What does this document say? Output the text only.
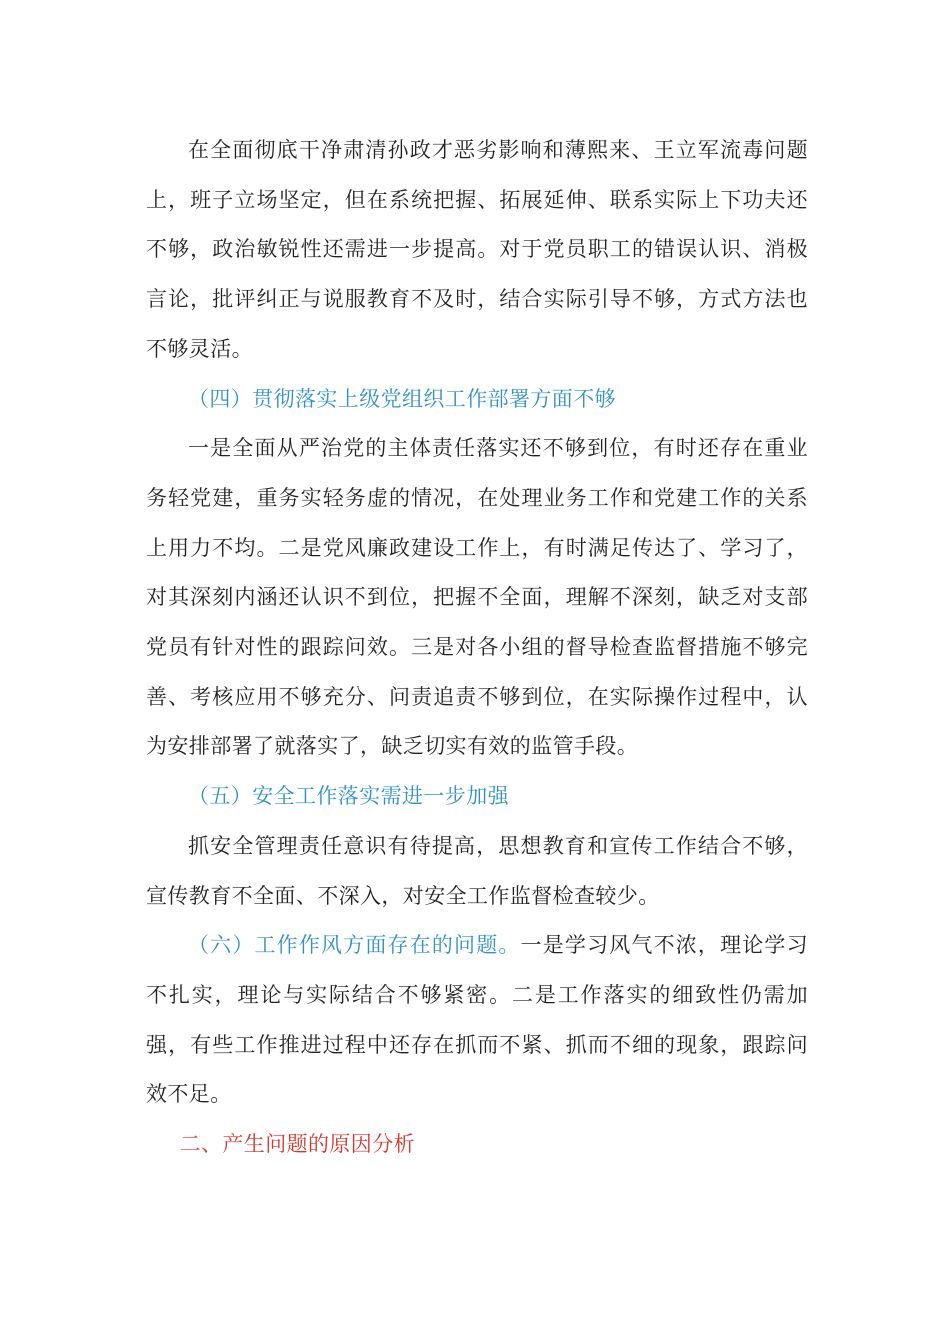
在全面彻底干净肃清孙政才恶劣影响和薄熙来、王立军流毒问题上，班子立场坚定，但在系统把握、拓展延伸、联系实际上下功夫还不够，政治敏锐性还需进一步提高。对于党员职工的错误认识、消极言论，批评纠正与说服教育不及时，结合实际引导不够，方式方法也不够灵活。

（四）贯彻落实上级党组织工作部署方面不够

一是全面从严治党的主体责任落实还不够到位，有时还存在重业务轻党建，重务实轻务虚的情况，在处理业务工作和党建工作的关系上用力不均。二是党风廉政建设工作上，有时满足传达了、学习了，对其深刻内涵还认识不到位，把握不全面，理解不深刻，缺乏对支部党员有针对性的跟踪问效。三是对各小组的督导检查监督措施不够完善、考核应用不够充分、问责追责不够到位，在实际操作过程中，认为安排部署了就落实了，缺乏切实有效的监管手段。

（五）安全工作落实需进一步加强

抓安全管理责任意识有待提高，思想教育和宣传工作结合不够，宣传教育不全面、不深入，对安全工作监督检查较少。

（六）工作作风方面存在的问题。一是学习风气不浓，理论学习不扎实，理论与实际结合不够紧密。二是工作落实的细致性仍需加强，有些工作推进过程中还存在抓而不紧、抓而不细的现象，跟踪问效不足。

二、产生问题的原因分析
